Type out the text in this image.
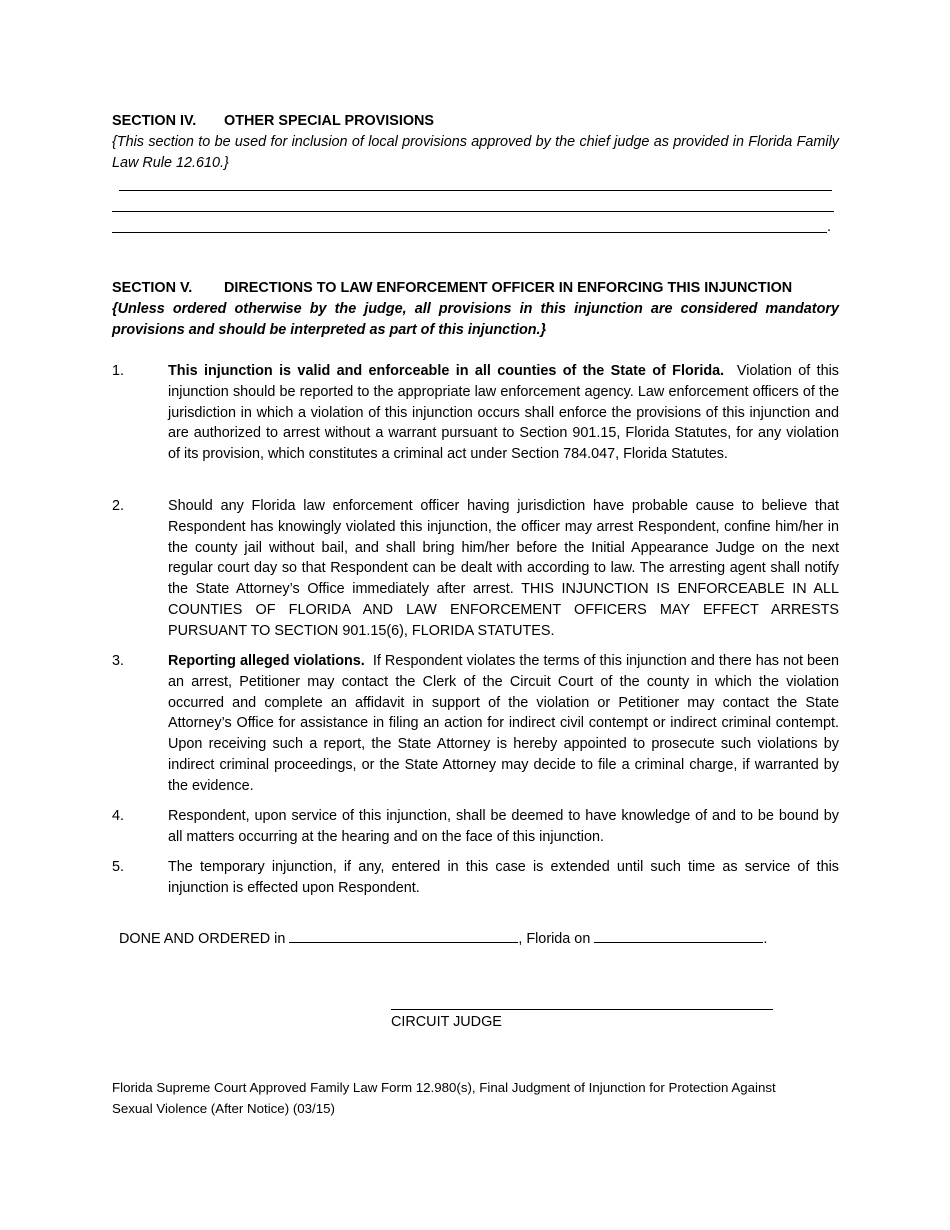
SECTION IV. OTHER SPECIAL PROVISIONS
{This section to be used for inclusion of local provisions approved by the chief judge as provided in Florida Family Law Rule 12.610.}
.
SECTION V. DIRECTIONS TO LAW ENFORCEMENT OFFICER IN ENFORCING THIS INJUNCTION
{Unless ordered otherwise by the judge, all provisions in this injunction are considered mandatory provisions and should be interpreted as part of this injunction.}
1.	This injunction is valid and enforceable in all counties of the State of Florida. Violation of this injunction should be reported to the appropriate law enforcement agency. Law enforcement officers of the jurisdiction in which a violation of this injunction occurs shall enforce the provisions of this injunction and are authorized to arrest without a warrant pursuant to Section 901.15, Florida Statutes, for any violation of its provision, which constitutes a criminal act under Section 784.047, Florida Statutes.
2.	Should any Florida law enforcement officer having jurisdiction have probable cause to believe that Respondent has knowingly violated this injunction, the officer may arrest Respondent, confine him/her in the county jail without bail, and shall bring him/her before the Initial Appearance Judge on the next regular court day so that Respondent can be dealt with according to law. The arresting agent shall notify the State Attorney’s Office immediately after arrest. THIS INJUNCTION IS ENFORCEABLE IN ALL COUNTIES OF FLORIDA AND LAW ENFORCEMENT OFFICERS MAY EFFECT ARRESTS PURSUANT TO SECTION 901.15(6), FLORIDA STATUTES.
3.	Reporting alleged violations. If Respondent violates the terms of this injunction and there has not been an arrest, Petitioner may contact the Clerk of the Circuit Court of the county in which the violation occurred and complete an affidavit in support of the violation or Petitioner may contact the State Attorney’s Office for assistance in filing an action for indirect civil contempt or indirect criminal contempt. Upon receiving such a report, the State Attorney is hereby appointed to prosecute such violations by indirect criminal proceedings, or the State Attorney may decide to file a criminal charge, if warranted by the evidence.
4.	Respondent, upon service of this injunction, shall be deemed to have knowledge of and to be bound by all matters occurring at the hearing and on the face of this injunction.
5.	The temporary injunction, if any, entered in this case is extended until such time as service of this injunction is effected upon Respondent.
DONE AND ORDERED in	, Florida on	.
CIRCUIT JUDGE
Florida Supreme Court Approved Family Law Form 12.980(s), Final Judgment of Injunction for Protection Against
Sexual Violence (After Notice) (03/15)
